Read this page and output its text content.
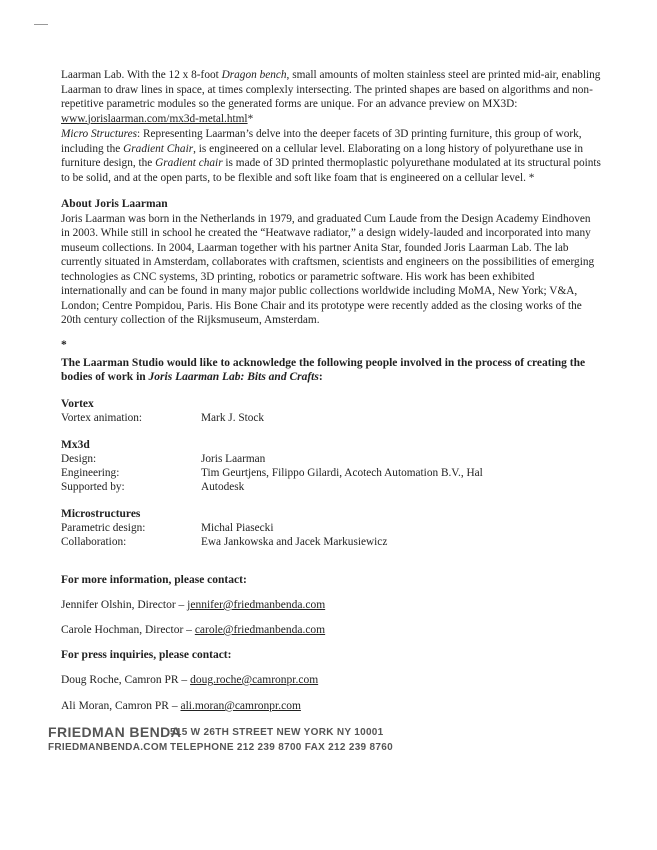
Laarman Lab. With the 12 x 8-foot Dragon bench, small amounts of molten stainless steel are printed mid-air, enabling Laarman to draw lines in space, at times complexly intersecting. The printed shapes are based on algorithms and non- repetitive parametric modules so the generated forms are unique. For an advance preview on MX3D: www.jorislaarman.com/mx3d-metal.html*

Micro Structures: Representing Laarman’s delve into the deeper facets of 3D printing furniture, this group of work, including the Gradient Chair, is engineered on a cellular level. Elaborating on a long history of polyurethane use in furniture design, the Gradient chair is made of 3D printed thermoplastic polyurethane modulated at its structural points to be solid, and at the open parts, to be flexible and soft like foam that is engineered on a cellular level. *

About Joris Laarman

Joris Laarman was born in the Netherlands in 1979, and graduated Cum Laude from the Design Academy Eindhoven in 2003. While still in school he created the “Heatwave radiator,” a design widely-lauded and incorporated into many museum collections. In 2004, Laarman together with his partner Anita Star, founded Joris Laarman Lab. The lab currently situated in Amsterdam, collaborates with craftsmen, scientists and engineers on the possibilities of emerging technologies as CNC systems, 3D printing, robotics or parametric software. His work has been exhibited internationally and can be found in many major public collections worldwide including MoMA, New York; V&A, London; Centre Pompidou, Paris. His Bone Chair and its prototype were recently added as the closing works of the 20th century collection of the Rijksmuseum, Amsterdam.

*
The Laarman Studio would like to acknowledge the following people involved in the process of creating the bodies of work in Joris Laarman Lab: Bits and Crafts:

Vortex

Vortex animation:	Mark J. Stock

Mx3d

Design:	Joris Laarman
Engineering:	Tim Geurtjens, Filippo Gilardi, Acotech Automation B.V., Hal
Supported by:	Autodesk

Microstructures

Parametric design:	Michal Piasecki
Collaboration:	Ewa Jankowska and Jacek Markusiewicz
For more information, please contact:
Jennifer Olshin, Director – jennifer@friedmanbenda.com
Carole Hochman, Director – carole@friedmanbenda.com
For press inquiries, please contact:
Doug Roche, Camron PR – doug.roche@camronpr.com
Ali Moran, Camron PR – ali.moran@camronpr.com
FRIEDMAN BENDA
515 W 26TH STREET NEW YORK NY 10001
FRIEDMANBENDA.COM TELEPHONE 212 239 8700 FAX 212 239 8760
